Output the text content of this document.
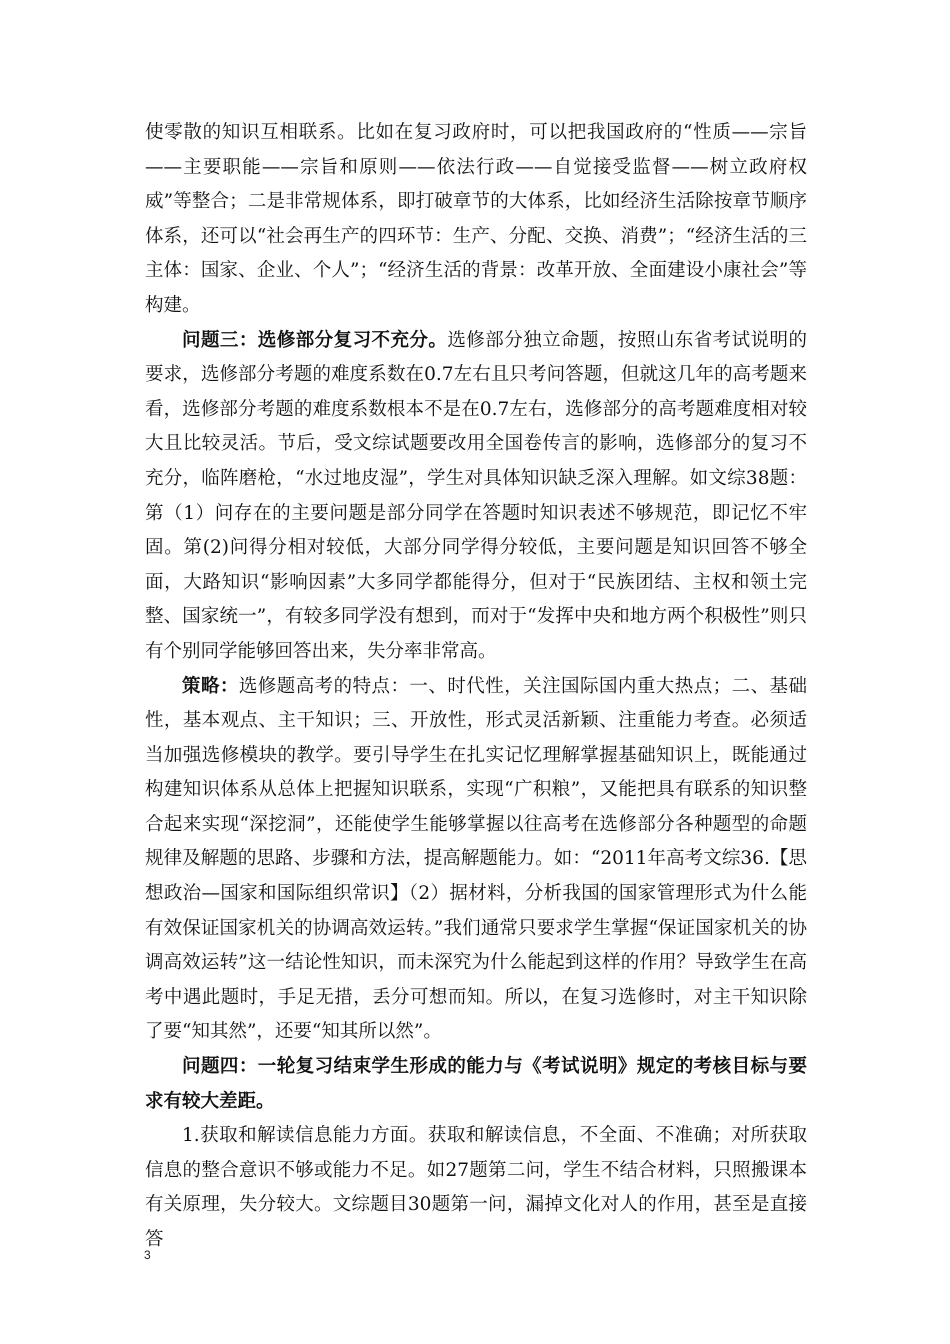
使零散的知识互相联系。比如在复习政府时，可以把我国政府的“性质——宗旨——主要职能——宗旨和原则——依法行政——自觉接受监督——树立政府权威”等整合；二是非常规体系，即打破章节的大体系，比如经济生活除按章节顺序体系，还可以“社会再生产的四环节：生产、分配、交换、消费”；“经济生活的三主体：国家、企业、个人”；“经济生活的背景：改革开放、全面建设小康社会”等构建。

问题三：选修部分复习不充分。选修部分独立命题，按照山东省考试说明的要求，选修部分考题的难度系数在0.7左右且只考问答题，但就这几年的高考题来看，选修部分考题的难度系数根本不是在0.7左右，选修部分的高考题难度相对较大且比较灵活。节后，受文综试题要改用全国卷传言的影响，选修部分的复习不充分，临阵磨枪，“水过地皮湿”，学生对具体知识缺乏深入理解。如文综38题：第（1）问存在的主要问题是部分同学在答题时知识表述不够规范，即记忆不牢固。第(2)问得分相对较低，大部分同学得分较低，主要问题是知识回答不够全面，大路知识“影响因素”大多同学都能得分，但对于“民族团结、主权和领土完整、国家统一”，有较多同学没有想到，而对于“发挥中央和地方两个积极性”则只有个别同学能够回答出来，失分率非常高。

策略：选修题高考的特点：一、时代性，关注国际国内重大热点；二、基础性，基本观点、主干知识；三、开放性，形式灵活新颖、注重能力考查。必须适当加强选修模块的教学。要引导学生在扎实记忆理解掌握基础知识上，既能通过构建知识体系从总体上把握知识联系，实现“广积粮”，又能把具有联系的知识整合起来实现“深挖洞”，还能使学生能够掌握以往高考在选修部分各种题型的命题规律及解题的思路、步骤和方法，提高解题能力。如：“2011年高考文综36.【思想政治—国家和国际组织常识】（2）据材料，分析我国的国家管理形式为什么能有效保证国家机关的协调高效运转。”我们通常只要求学生掌握“保证国家机关的协调高效运转”这一结论性知识，而未深究为什么能起到这样的作用？导致学生在高考中遇此题时，手足无措，丢分可想而知。所以，在复习选修时，对主干知识除了要“知其然”，还要“知其所以然”。

问题四：一轮复习结束学生形成的能力与《考试说明》规定的考核目标与要求有较大差距。

1.获取和解读信息能力方面。获取和解读信息，不全面、不准确；对所获取信息的整合意识不够或能力不足。如27题第二问，学生不结合材料，只照搬课本有关原理，失分较大。文综题目30题第一问，漏掉文化对人的作用，甚至是直接答

3
